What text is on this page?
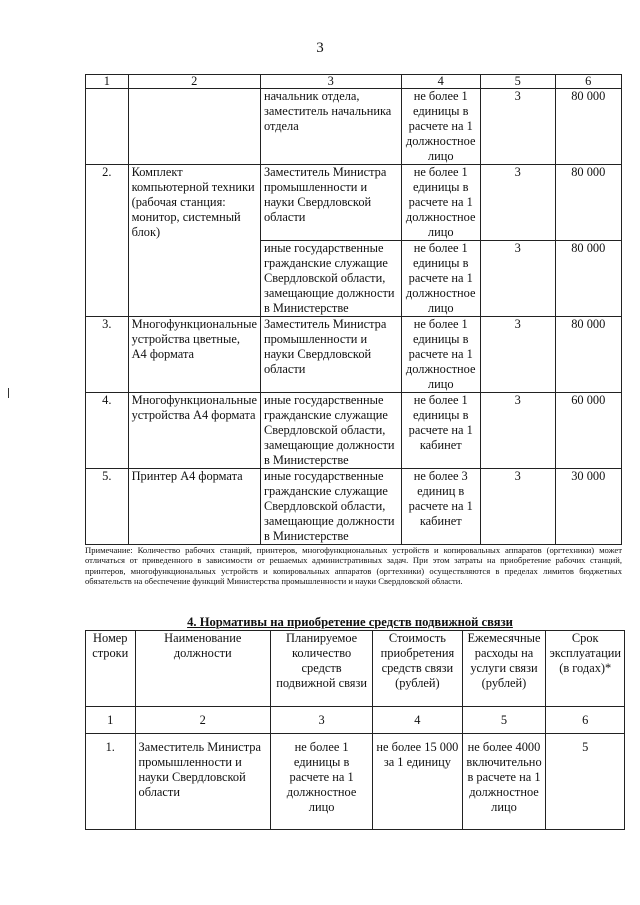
3
1	2	3	4	5	6
		начальник отдела, заместитель начальника отдела	не более 1 единицы в расчете на 1 должностное лицо	3	80 000
2.	Комплект компьютерной техники (рабочая станция: монитор, системный блок)	Заместитель Министра промышленности и науки Свердловской области	не более 1 единицы в расчете на 1 должностное лицо	3	80 000
		иные государственные гражданские служащие Свердловской области, замещающие должности в Министерстве	не более 1 единицы в расчете на 1 должностное лицо	3	80 000
3.	Многофункциональные устройства цветные, А4 формата	Заместитель Министра промышленности и науки Свердловской области	не более 1 единицы в расчете на 1 должностное лицо	3	80 000
4.	Многофункциональные устройства А4 формата	иные государственные гражданские служащие Свердловской области, замещающие должности в Министерстве	не более 1 единицы в расчете на 1 кабинет	3	60 000
5.	Принтер А4 формата	иные государственные гражданские служащие Свердловской области, замещающие должности в Министерстве	не более 3 единиц в расчете на 1 кабинет	3	30 000
Примечание: Количество рабочих станций, принтеров, многофункциональных устройств и копировальных аппаратов (оргтехники) может отличаться от приведенного в зависимости от решаемых административных задач. При этом затраты на приобретение рабочих станций, принтеров, многофункциональных устройств и копировальных аппаратов (оргтехники) осуществляются в пределах лимитов бюджетных обязательств на обеспечение функций Министерства промышленности и науки Свердловской области.
4. Нормативы на приобретение средств подвижной связи
Номер строки	Наименование должности	Планируемое количество средств подвижной связи	Стоимость приобретения средств связи (рублей)	Ежемесячные расходы на услуги связи (рублей)	Срок эксплуатации (в годах)*
1	2	3	4	5	6
1.	Заместитель Министра промышленности и науки Свердловской области	не более 1 единицы в расчете на 1 должностное лицо	не более 15 000 за 1 единицу	не более 4000 включительно в расчете на 1 должностное лицо	5
